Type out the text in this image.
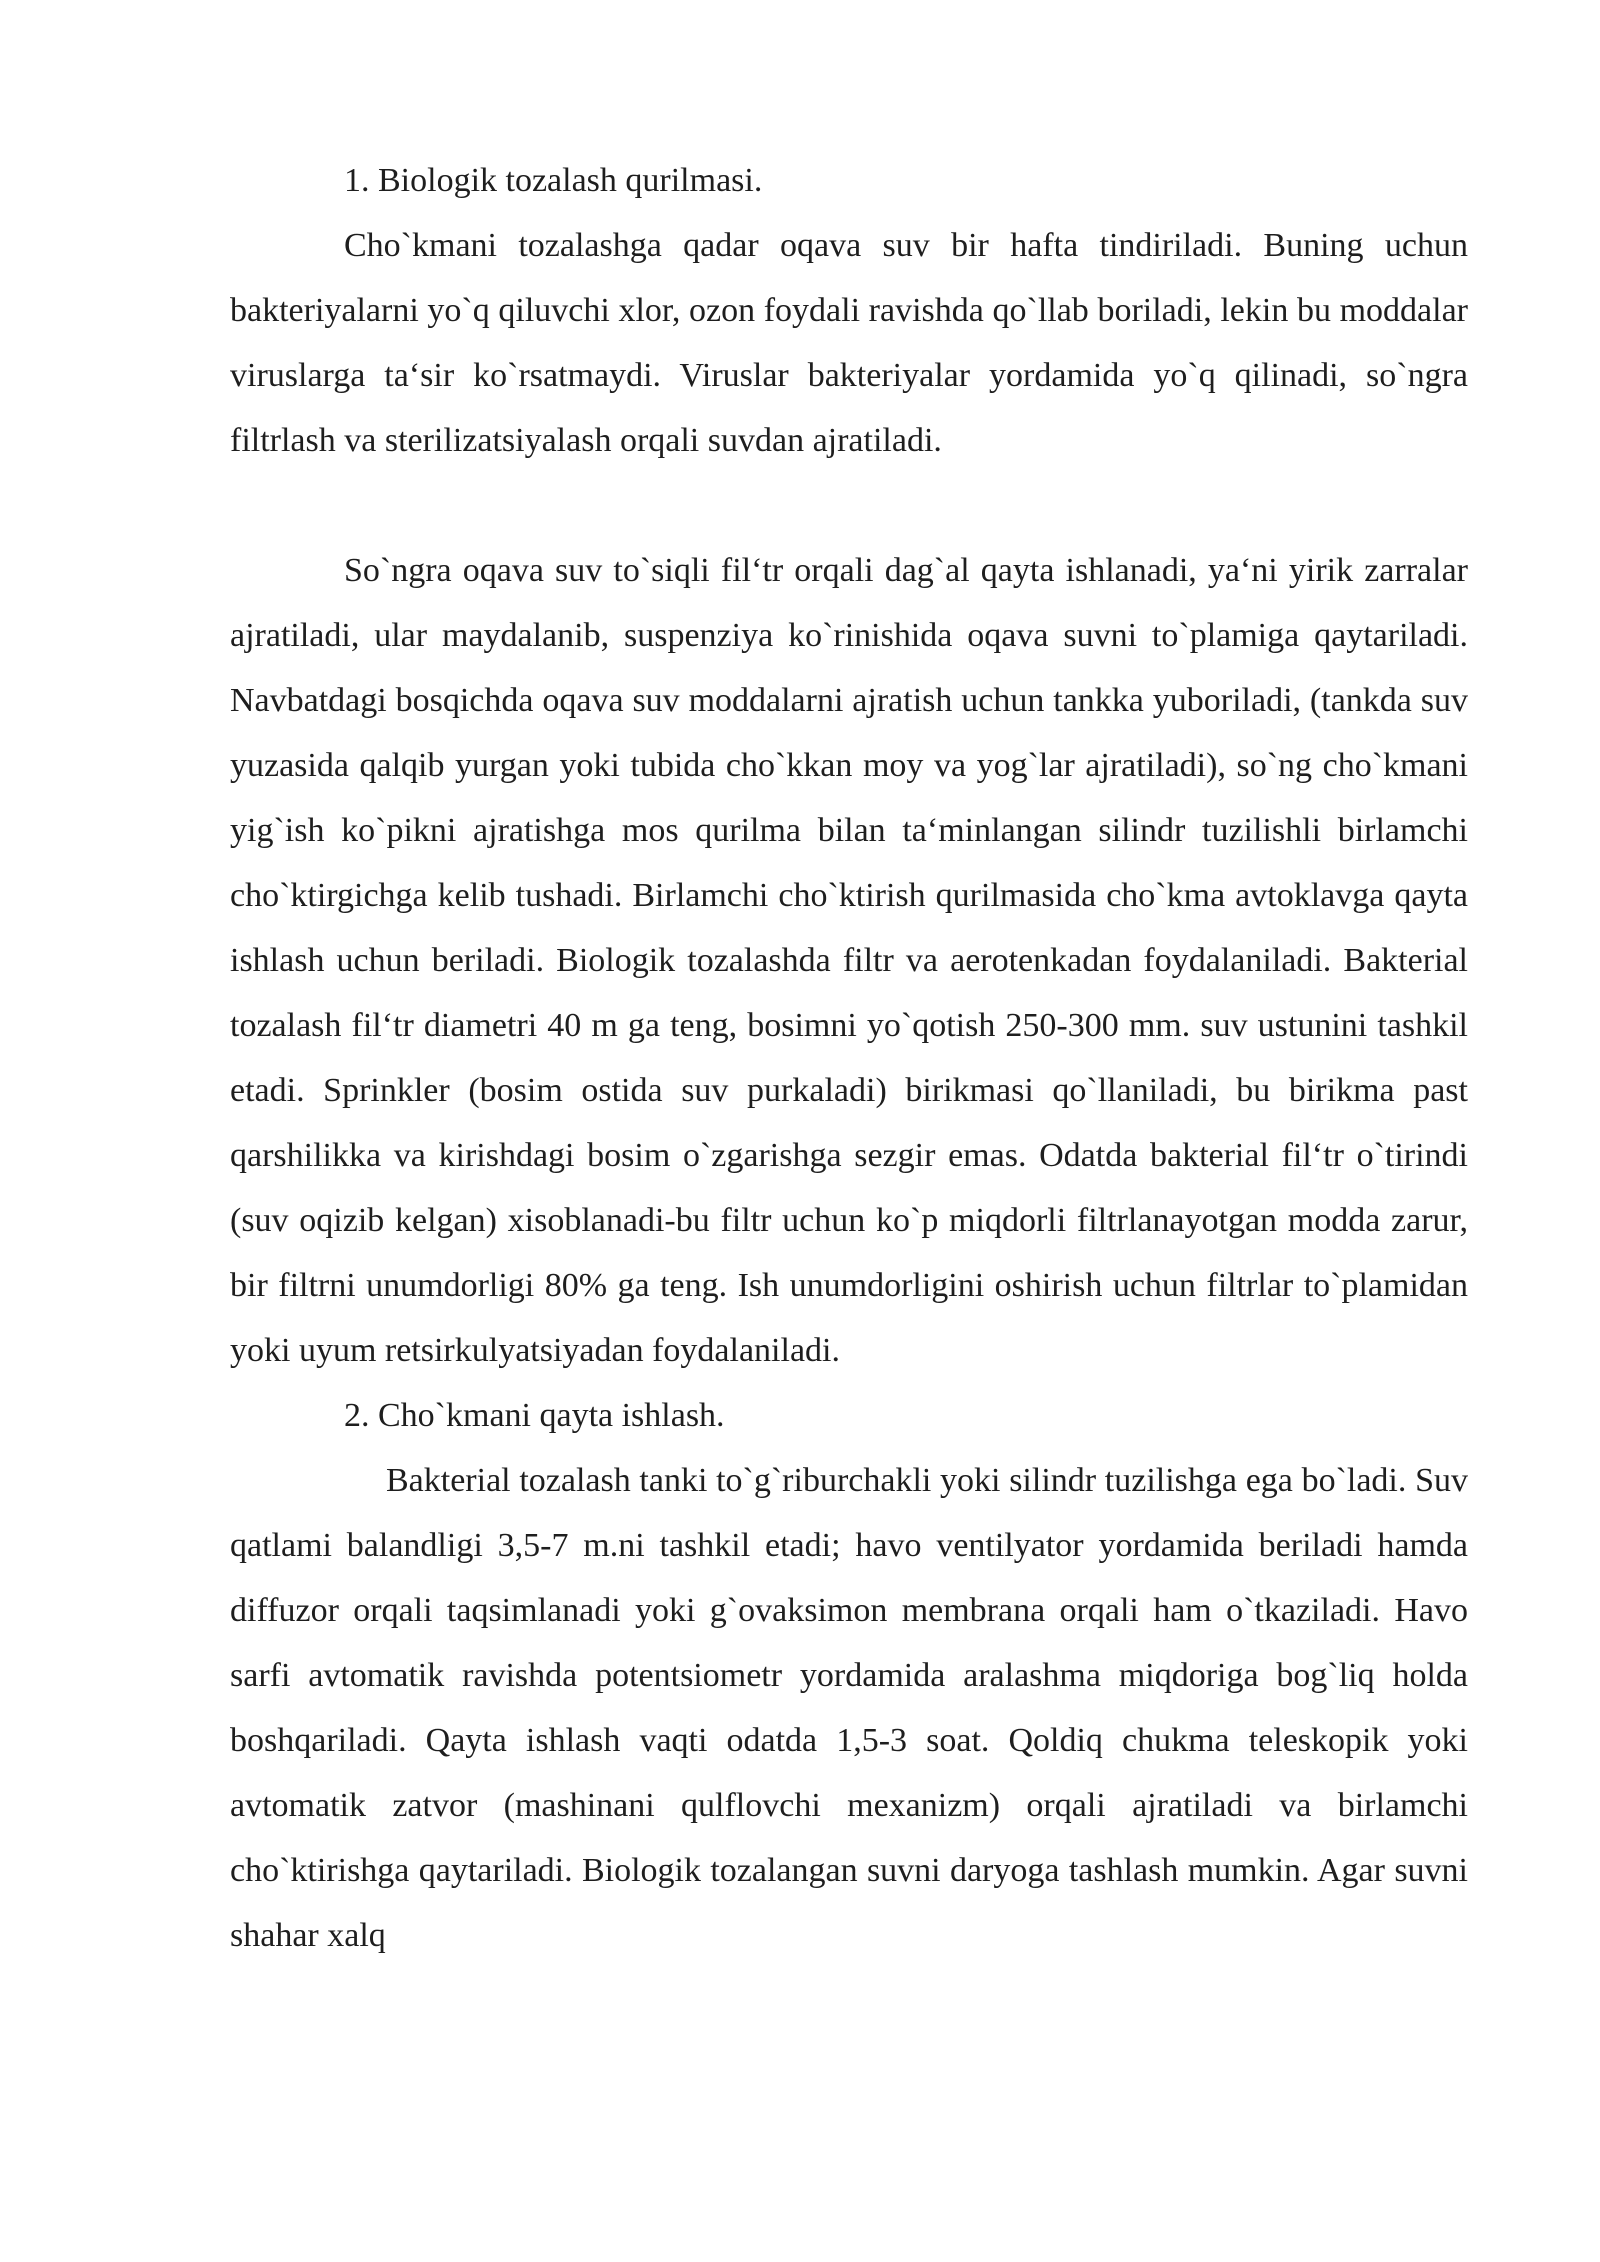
1. Biologik tozalash qurilmasi.

Cho`kmani tozalashga qadar oqava suv bir hafta tindiriladi. Buning uchun bakteriyalarni yo`q qiluvchi xlor, ozon foydali ravishda qo`llab boriladi, lekin bu moddalar viruslarga ta‘sir ko`rsatmaydi. Viruslar bakteriyalar yordamida yo`q qilinadi, so`ngra filtrlash va sterilizatsiyalash orqali suvdan ajratiladi.

So`ngra oqava suv to`siqli fil‘tr orqali dag`al qayta ishlanadi, ya‘ni yirik zarralar ajratiladi, ular maydalanib, suspenziya ko`rinishida oqava suvni to`plamiga qaytariladi. Navbatdagi bosqichda oqava suv moddalarni ajratish uchun tankka yuboriladi, (tankda suv yuzasida qalqib yurgan yoki tubida cho`kkan moy va yog`lar ajratiladi), so`ng cho`kmani yig`ish ko`pikni ajratishga mos qurilma bilan ta‘minlangan silindr tuzilishli birlamchi cho`ktirgichga kelib tushadi. Birlamchi cho`ktirish qurilmasida cho`kma avtoklavga qayta ishlash uchun beriladi. Biologik tozalashda filtr va aerotenkadan foydalaniladi. Bakterial tozalash fil‘tr diametri 40 m ga teng, bosimni yo`qotish 250-300 mm. suv ustunini tashkil etadi. Sprinkler (bosim ostida suv purkaladi) birikmasi qo`llaniladi, bu birikma past qarshilikka va kirishdagi bosim o`zgarishga sezgir emas. Odatda bakterial fil‘tr o`tirindi (suv oqizib kelgan) xisoblanadi-bu filtr uchun ko`p miqdorli filtrlanayotgan modda zarur, bir filtrni unumdorligi 80% ga teng. Ish unumdorligini oshirish uchun filtrlar to`plamidan yoki uyum retsirkulyatsiyadan foydalaniladi.

2. Cho`kmani qayta ishlash.

Bakterial tozalash tanki to`g`riburchakli yoki silindr tuzilishga ega bo`ladi. Suv qatlami balandligi 3,5-7 m.ni tashkil etadi; havo ventilyator yordamida beriladi hamda diffuzor orqali taqsimlanadi yoki g`ovaksimon membrana orqali ham o`tkaziladi. Havo sarfi avtomatik ravishda potentsiometr yordamida aralashma miqdoriga bog`liq holda boshqariladi. Qayta ishlash vaqti odatda 1,5-3 soat. Qoldiq chukma teleskopik yoki avtomatik zatvor (mashinani qulflovchi mexanizm) orqali ajratiladi va birlamchi cho`ktirishga qaytariladi. Biologik tozalangan suvni daryoga tashlash mumkin. Agar suvni shahar xalq
